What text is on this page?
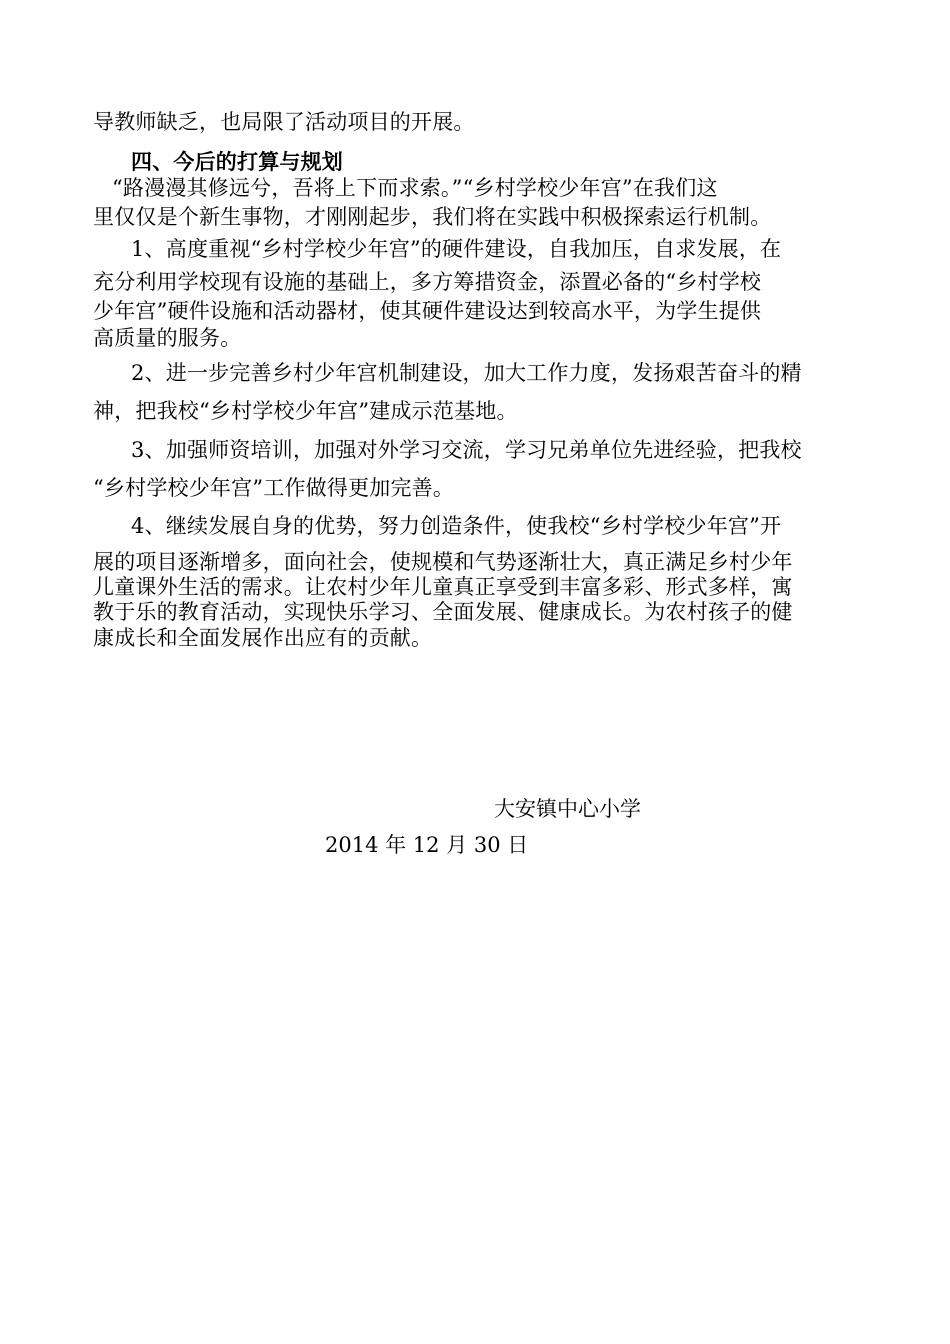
导教师缺乏，也局限了活动项目的开展。
四、今后的打算与规划
“路漫漫其修远兮，吾将上下而求索。”“乡村学校少年宫”在我们这
里仅仅是个新生事物，才刚刚起步，我们将在实践中积极探索运行机制。
1、高度重视“乡村学校少年宫”的硬件建设，自我加压，自求发展，在
充分利用学校现有设施的基础上，多方筹措资金，添置必备的“乡村学校
少年宫”硬件设施和活动器材，使其硬件建设达到较高水平，为学生提供
高质量的服务。
2、进一步完善乡村少年宫机制建设，加大工作力度，发扬艰苦奋斗的精
神，把我校“乡村学校少年宫”建成示范基地。
3、加强师资培训，加强对外学习交流，学习兄弟单位先进经验，把我校
“乡村学校少年宫”工作做得更加完善。
4、继续发展自身的优势，努力创造条件，使我校“乡村学校少年宫”开
展的项目逐渐增多，面向社会，使规模和气势逐渐壮大，真正满足乡村少年
儿童课外生活的需求。让农村少年儿童真正享受到丰富多彩、形式多样，寓
教于乐的教育活动，实现快乐学习、全面发展、健康成长。为农村孩子的健
康成长和全面发展作出应有的贡献。
大安镇中心小学
2014 年 12 月 30 日
